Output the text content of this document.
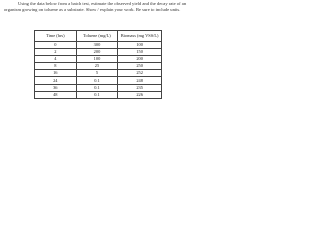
Using the data below from a batch test, estimate the observed yield and the decay rate of an organism growing on toluene as a substrate. Show / explain your work. Be sure to include units.
Time (hrs)	Toluene (mg/L)	Biomass (mg VSS/L)
0	300	100
2	200	150
4	100	200
8	25	250
16	5	252
24	0.1	248
36	0.1	235
48	0.1	226
